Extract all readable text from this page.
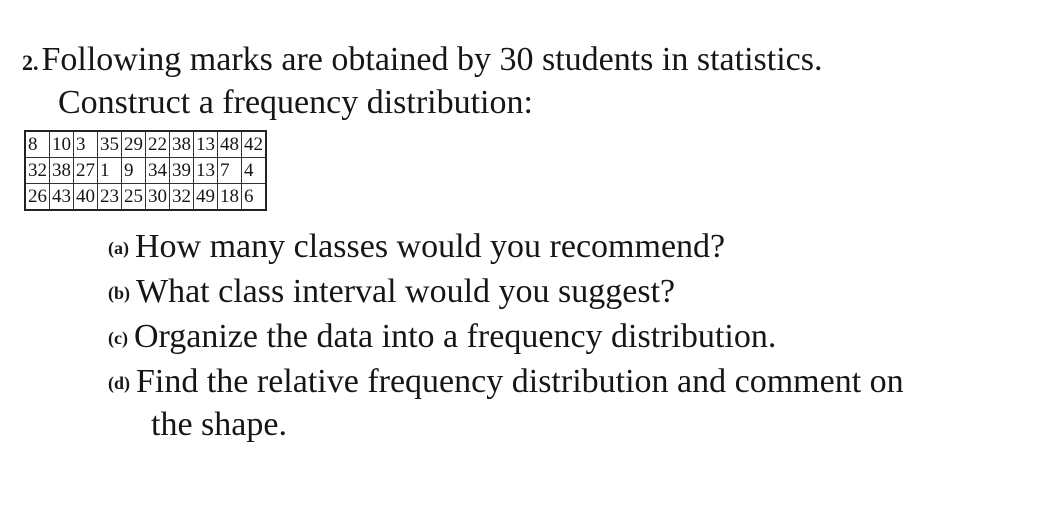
2.Following marks are obtained by 30 students in statistics.
Construct a frequency distribution:
8	10	3	35	29	22	38	13	48	42
32	38	27	1	9	34	39	13	7	4
26	43	40	23	25	30	32	49	18	6
(a) How many classes would you recommend?
(b) What class interval would you suggest?
(c) Organize the data into a frequency distribution.
(d) Find the relative frequency distribution and comment on
the shape.
